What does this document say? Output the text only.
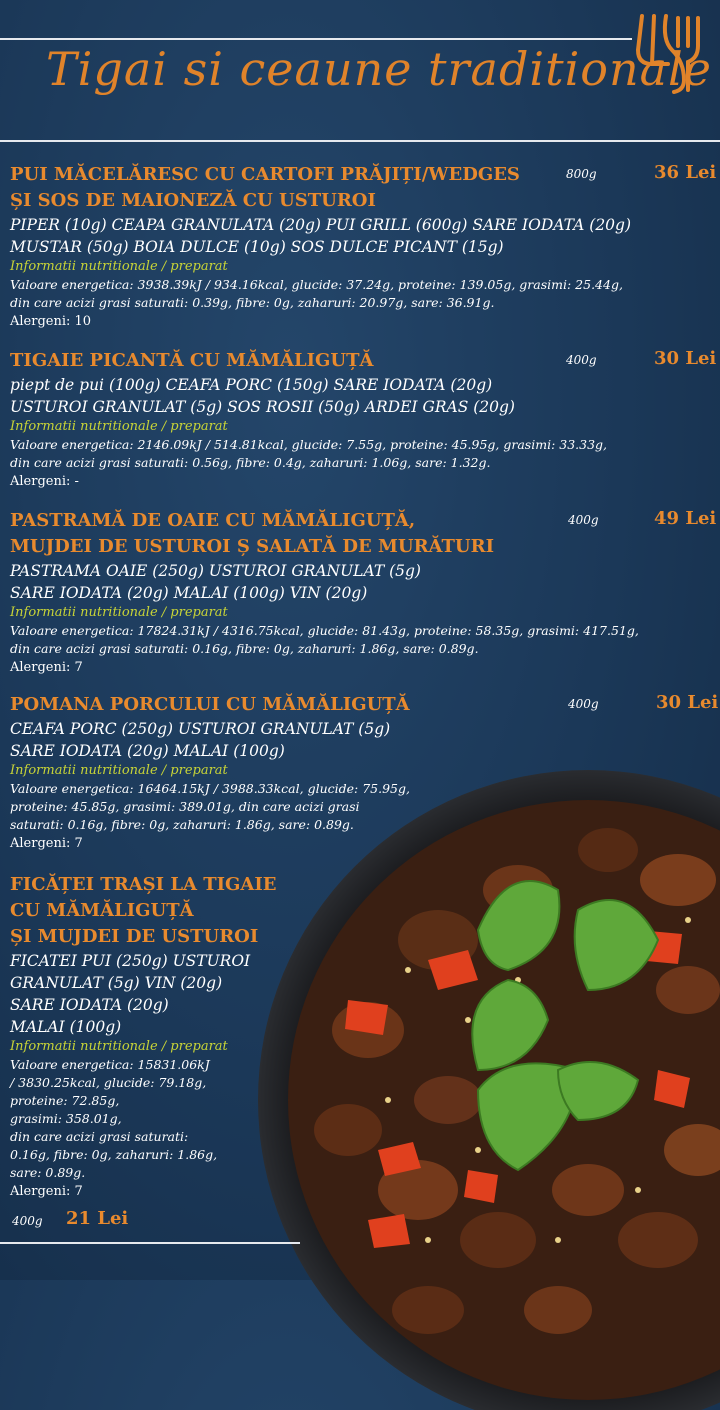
Tigai si ceaune traditionale
PUI MĂCELĂRESC CU CARTOFI PRĂJIȚI/WEDGES
ȘI SOS DE MAIONEZĂ CU USTUROI
PIPER (10g) CEAPA GRANULATA (20g) PUI GRILL (600g) SARE IODATA (20g)
MUSTAR (50g) BOIA DULCE (10g) SOS DULCE PICANT (15g)
Informatii nutritionale / preparat
Valoare energetica: 3938.39kJ / 934.16kcal, glucide: 37.24g, proteine: 139.05g, grasimi: 25.44g,
din care acizi grasi saturati: 0.39g, fibre: 0g, zaharuri: 20.97g, sare: 36.91g.
Alergeni: 10
800g	36 Lei
TIGAIE PICANTĂ CU MĂMĂLIGUȚĂ
piept de pui (100g) CEAFA PORC (150g) SARE IODATA (20g)
USTUROI GRANULAT (5g) SOS ROSII (50g) ARDEI GRAS (20g)
Informatii nutritionale / preparat
Valoare energetica: 2146.09kJ / 514.81kcal, glucide: 7.55g, proteine: 45.95g, grasimi: 33.33g,
din care acizi grasi saturati: 0.56g, fibre: 0.4g, zaharuri: 1.06g, sare: 1.32g.
Alergeni: -
400g	30 Lei
PASTRAMĂ DE OAIE CU MĂMĂLIGUȚĂ,
MUJDEI DE USTUROI Ș SALATĂ DE MURĂTURI
PASTRAMA OAIE (250g) USTUROI GRANULAT (5g)
SARE IODATA (20g) MALAI (100g) VIN (20g)
Informatii nutritionale / preparat
Valoare energetica: 17824.31kJ / 4316.75kcal, glucide: 81.43g, proteine: 58.35g, grasimi: 417.51g,
din care acizi grasi saturati: 0.16g, fibre: 0g, zaharuri: 1.86g, sare: 0.89g.
Alergeni: 7
400g	49 Lei
POMANA PORCULUI CU MĂMĂLIGUȚĂ
CEAFA PORC (250g) USTUROI GRANULAT (5g)
SARE IODATA (20g) MALAI (100g)
Informatii nutritionale / preparat
Valoare energetica: 16464.15kJ / 3988.33kcal, glucide: 75.95g,
proteine: 45.85g, grasimi: 389.01g, din care acizi grasi
saturati: 0.16g, fibre: 0g, zaharuri: 1.86g, sare: 0.89g.
Alergeni: 7
400g	30 Lei
FICĂȚEI TRAȘI LA TIGAIE
CU MĂMĂLIGUȚĂ
ȘI MUJDEI DE USTUROI
FICATEI PUI (250g) USTUROI
GRANULAT (5g) VIN (20g)
SARE IODATA (20g)
MALAI (100g)
Informatii nutritionale / preparat
Valoare energetica: 15831.06kJ
/ 3830.25kcal, glucide: 79.18g,
proteine: 72.85g,
grasimi: 358.01g,
din care acizi grasi saturati:
0.16g, fibre: 0g, zaharuri: 1.86g,
sare: 0.89g.
Alergeni: 7
400g 21 Lei
